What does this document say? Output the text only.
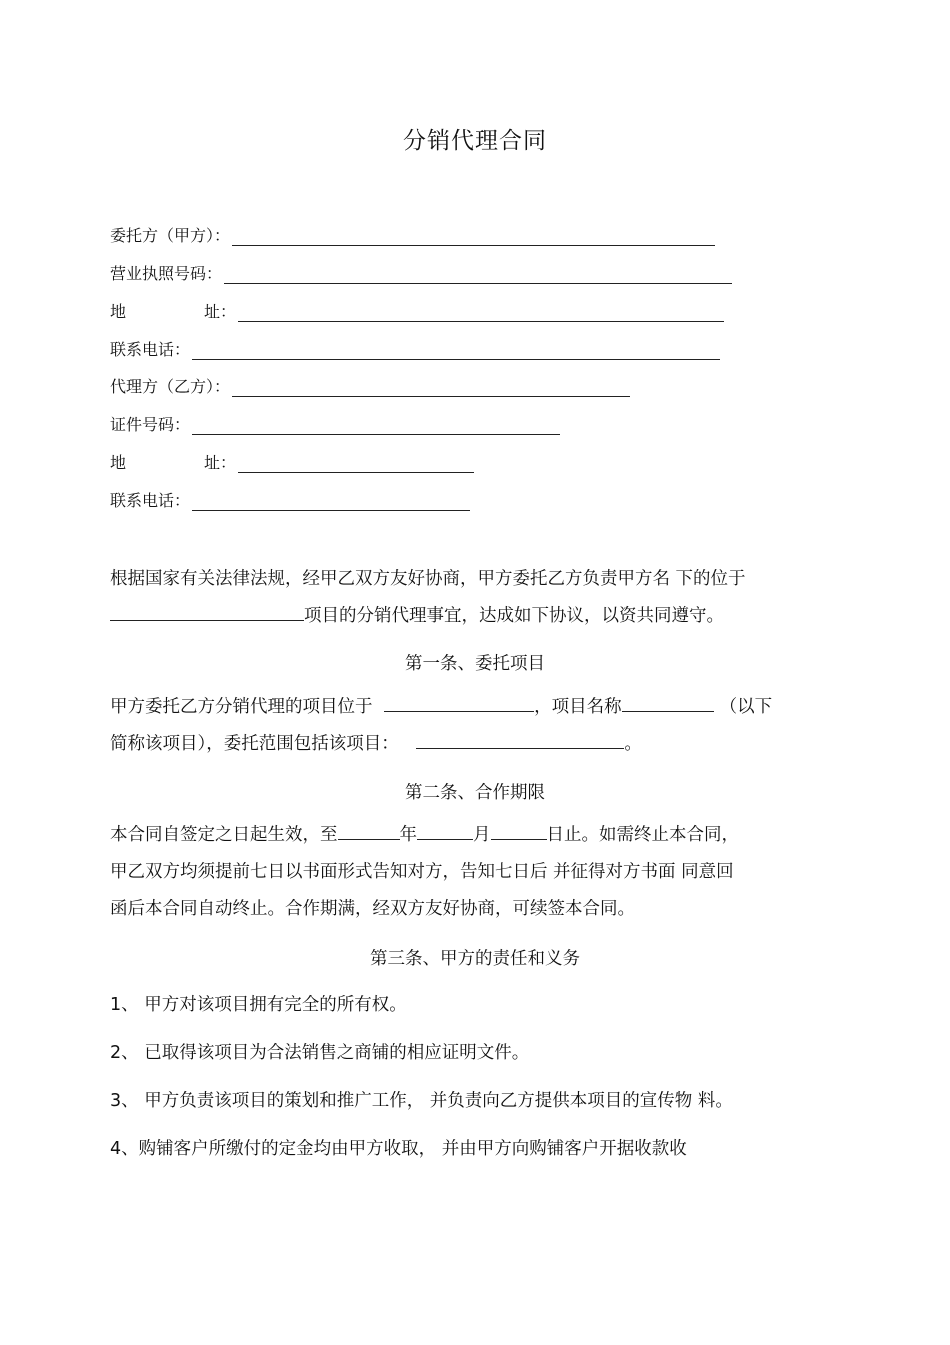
分销代理合同
委托方（甲方）：
营业执照号码：
地	址：
联系电话：
代理方（乙方）：
证件号码：
地	址：
联系电话：
根据国家有关法律法规，经甲乙双方友好协商，甲方委托乙方负责甲方名 下的位于
项目的分销代理事宜，达成如下协议，以资共同遵守。
第一条、委托项目
甲方委托乙方分销代理的项目位于	，项目名称	（以下
简称该项目），委托范围包括该项目：	。
第二条、合作期限
本合同自签定之日起生效，至	年	月	日止。如需终止本合同，
甲乙双方均须提前七日以书面形式告知对方，告知七日后 并征得对方书面 同意回
函后本合同自动终止。合作期满，经双方友好协商，可续签本合同。
第三条、甲方的责任和义务
1、 甲方对该项目拥有完全的所有权。
2、 已取得该项目为合法销售之商铺的相应证明文件。
3、 甲方负责该项目的策划和推广工作， 并负责向乙方提供本项目的宣传物 料。
4、购铺客户所缴付的定金均由甲方收取， 并由甲方向购铺客户开据收款收
